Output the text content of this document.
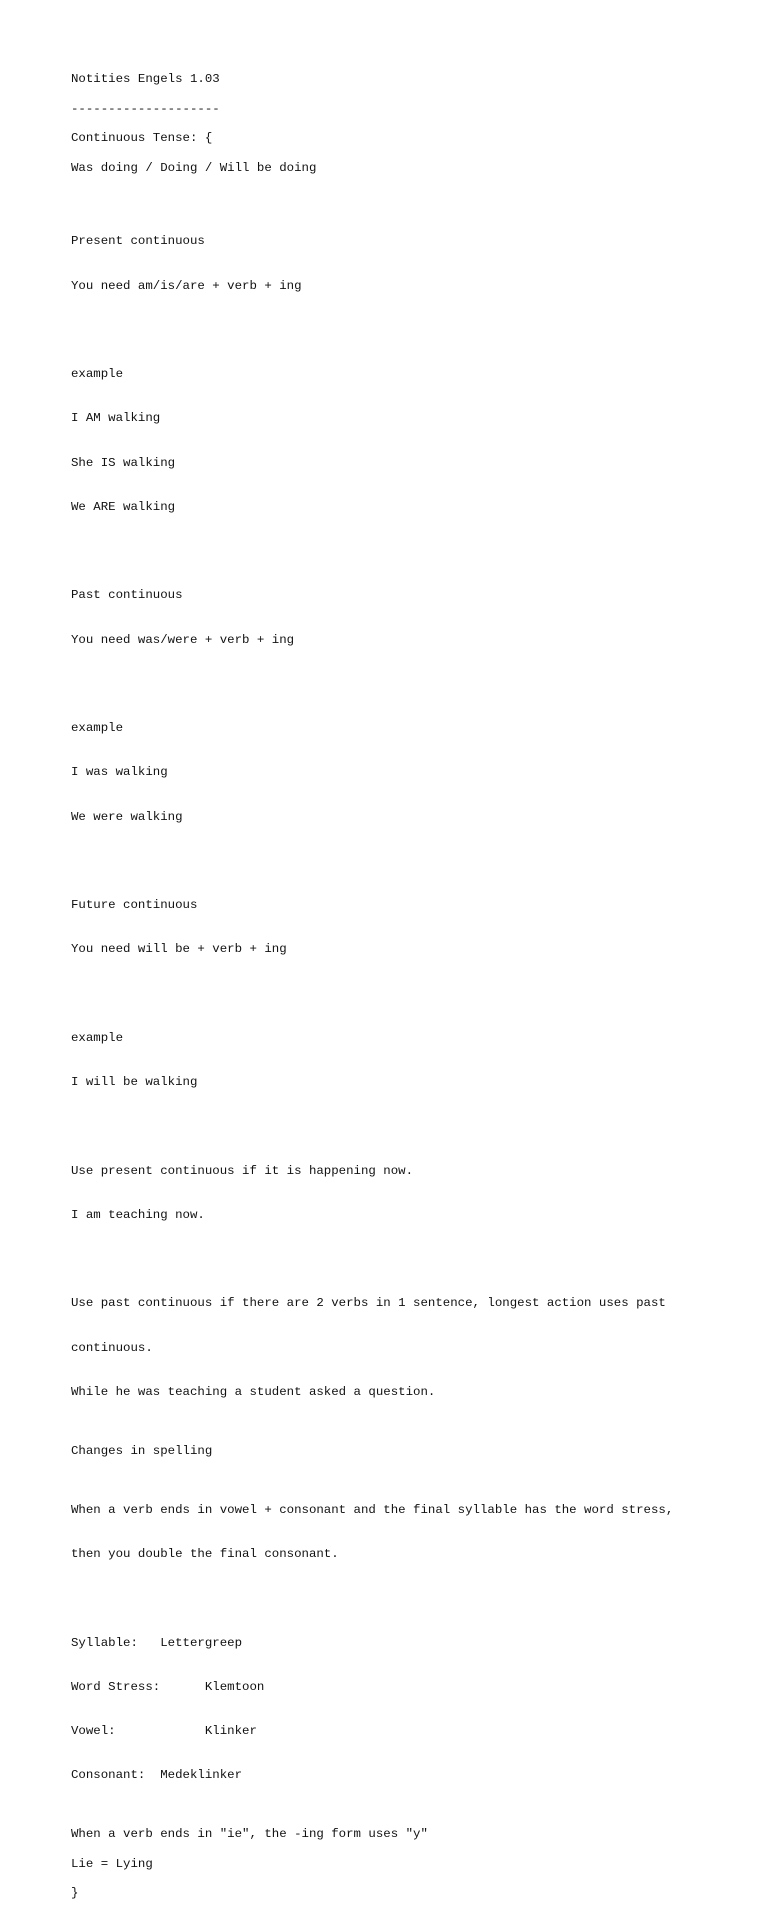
Notities Engels 1.03
--------------------
Continuous Tense: {
Was doing / Doing / Will be doing

Present continuous

You need am/is/are + verb + ing

example

I AM walking

She IS walking

We ARE walking

Past continuous

You need was/were + verb + ing

example

I was walking

We were walking

Future continuous

You need will be + verb + ing

example

I will be walking

Use present continuous if it is happening now.

I am teaching now.

Use past continuous if there are 2 verbs in 1 sentence, longest action uses past

continuous.

While he was teaching a student asked a question.

Changes in spelling

When a verb ends in vowel + consonant and the final syllable has the word stress,

then you double the final consonant.

Syllable:   Lettergreep

Word Stress:      Klemtoon

Vowel:            Klinker

Consonant:  Medeklinker

When a verb ends in "ie", the -ing form uses "y"
Lie = Lying
}
